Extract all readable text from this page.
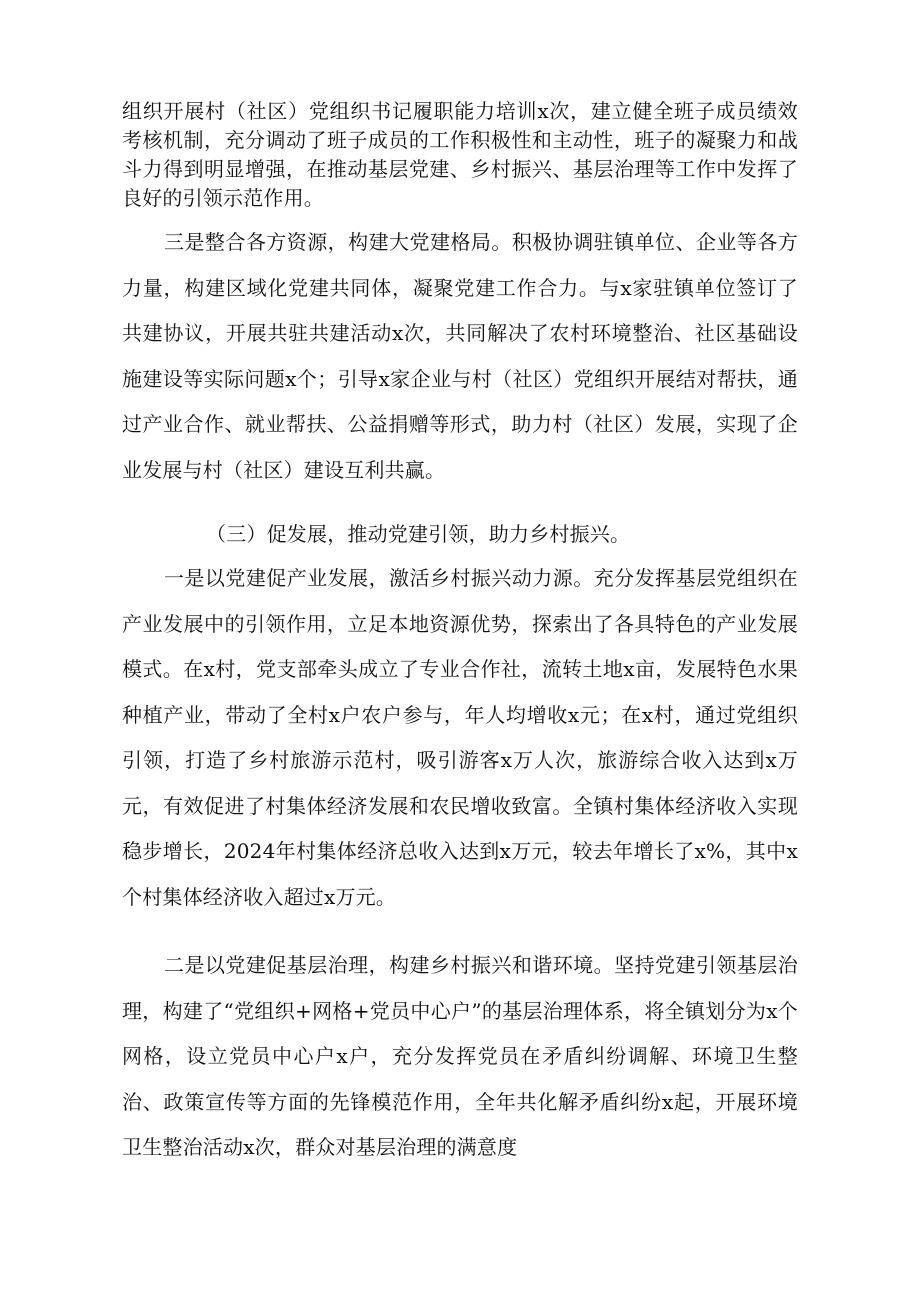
组织开展村（社区）党组织书记履职能力培训x次，建立健全班子成员绩效考核机制，充分调动了班子成员的工作积极性和主动性，班子的凝聚力和战斗力得到明显增强，在推动基层党建、乡村振兴、基层治理等工作中发挥了良好的引领示范作用。

三是整合各方资源，构建大党建格局。积极协调驻镇单位、企业等各方力量，构建区域化党建共同体，凝聚党建工作合力。与x家驻镇单位签订了共建协议，开展共驻共建活动x次，共同解决了农村环境整治、社区基础设施建设等实际问题x个；引导x家企业与村（社区）党组织开展结对帮扶，通过产业合作、就业帮扶、公益捐赠等形式，助力村（社区）发展，实现了企业发展与村（社区）建设互利共赢。

（三）促发展，推动党建引领，助力乡村振兴。

一是以党建促产业发展，激活乡村振兴动力源。充分发挥基层党组织在产业发展中的引领作用，立足本地资源优势，探索出了各具特色的产业发展模式。在x村，党支部牵头成立了专业合作社，流转土地x亩，发展特色水果种植产业，带动了全村x户农户参与，年人均增收x元；在x村，通过党组织引领，打造了乡村旅游示范村，吸引游客x万人次，旅游综合收入达到x万元，有效促进了村集体经济发展和农民增收致富。全镇村集体经济收入实现稳步增长，2024年村集体经济总收入达到x万元，较去年增长了x%，其中x个村集体经济收入超过x万元。

二是以党建促基层治理，构建乡村振兴和谐环境。坚持党建引领基层治理，构建了“党组织+网格+党员中心户”的基层治理体系，将全镇划分为x个网格，设立党员中心户x户，充分发挥党员在矛盾纠纷调解、环境卫生整治、政策宣传等方面的先锋模范作用，全年共化解矛盾纠纷x起，开展环境卫生整治活动x次，群众对基层治理的满意度
